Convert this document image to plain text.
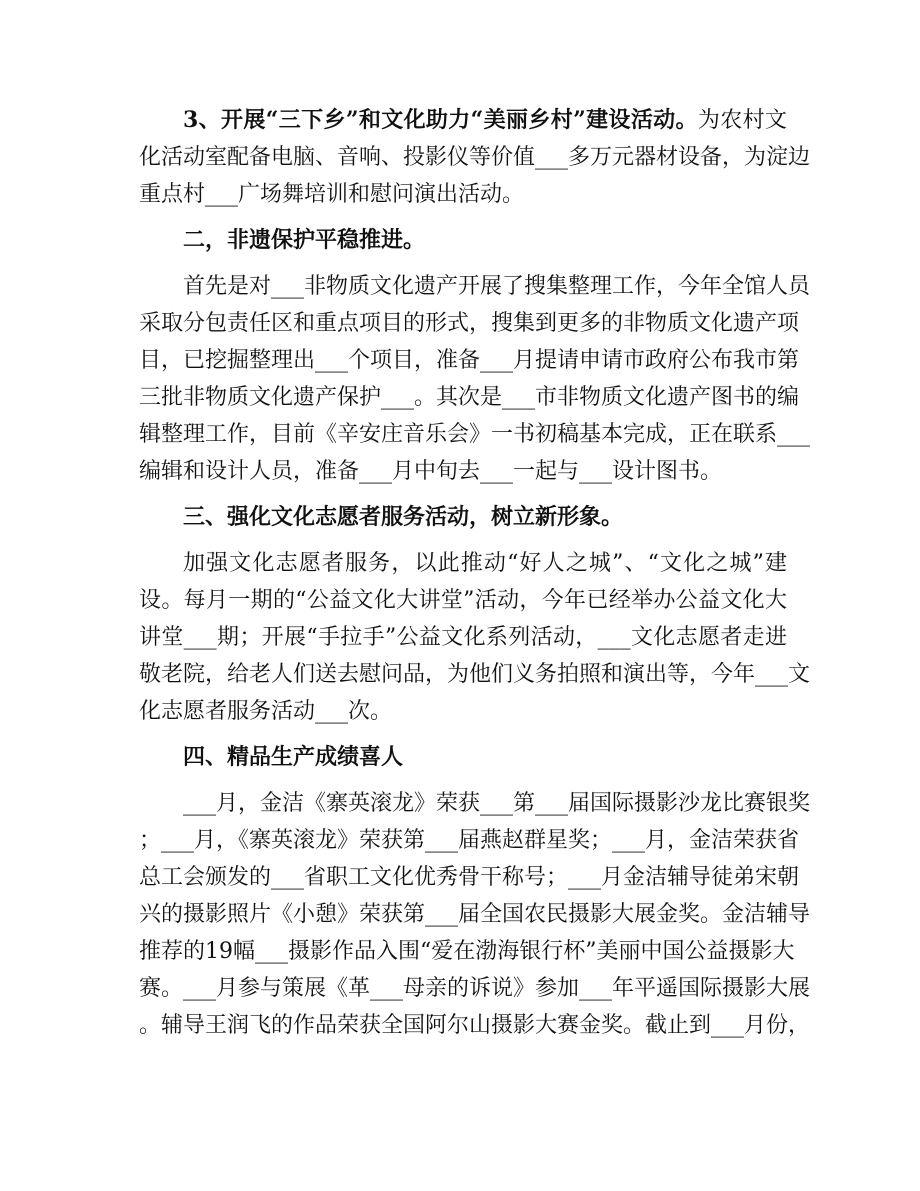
3、开展“三下乡”和文化助力“美丽乡村”建设活动。为农村文
化活动室配备电脑、音响、投影仪等价值___多万元器材设备，为淀边
重点村___广场舞培训和慰问演出活动。
二，非遗保护平稳推进。
首先是对___非物质文化遗产开展了搜集整理工作，今年全馆人员
采取分包责任区和重点项目的形式，搜集到更多的非物质文化遗产项
目，已挖掘整理出___个项目，准备___月提请申请市政府公布我市第
三批非物质文化遗产保护___。其次是___市非物质文化遗产图书的编
辑整理工作，目前《辛安庄音乐会》一书初稿基本完成，正在联系___
编辑和设计人员，准备___月中旬去___一起与___设计图书。
三、强化文化志愿者服务活动，树立新形象。
加强文化志愿者服务，以此推动“好人之城”、“文化之城”建
设。每月一期的“公益文化大讲堂”活动，今年已经举办公益文化大
讲堂___期；开展“手拉手”公益文化系列活动，___文化志愿者走进
敬老院，给老人们送去慰问品，为他们义务拍照和演出等，今年___文
化志愿者服务活动___次。
四、精品生产成绩喜人
___月，金洁《寨英滚龙》荣获___第___届国际摄影沙龙比赛银奖
；___月，《寨英滚龙》荣获第___届燕赵群星奖；___月，金洁荣获省
总工会颁发的___省职工文化优秀骨干称号；___月金洁辅导徒弟宋朝
兴的摄影照片《小憩》荣获第___届全国农民摄影大展金奖。金洁辅导
推荐的19幅___摄影作品入围“爱在渤海银行杯”美丽中国公益摄影大
赛。___月参与策展《革___母亲的诉说》参加___年平遥国际摄影大展
。辅导王润飞的作品荣获全国阿尔山摄影大赛金奖。截止到___月份，
